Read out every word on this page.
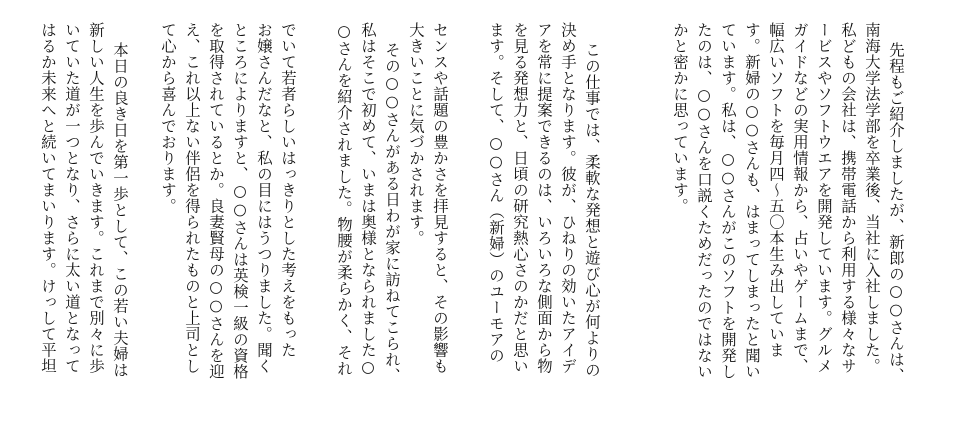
先程もご紹介しましたが、新郎の○○さんは、
南海大学法学部を卒業後、当社に入社しました。
私どもの会社は、携帯電話から利用する様々なサ
ービスやソフトウエアを開発しています。グルメ
ガイドなどの実用情報から、占いやゲームまで、
幅広いソフトを毎月四〜五〇本生み出していま
す。新婦の○○さんも、はまってしまったと聞い
ています。私は、○○さんがこのソフトを開発し
たのは、○○さんを口説くためだったのではない
かと密かに思っています。
この仕事では、柔軟な発想と遊び心が何よりの
決め手となります。彼が、ひねりの効いたアイデ
アを常に提案できるのは、いろいろな側面から物
を見る発想力と、日頃の研究熱心さのかだと思い
ます。そして、○○さん（新婦）のユーモアの
センスや話題の豊かさを拝見すると、その影響も
大きいことに気づかされます。
その○○さんがある日わが家に訪ねてこられ、
私はそこで初めて、いまは奥様となられました○
○さんを紹介されました。物腰が柔らかく、それ
でいて若者らしいはっきりとした考えをもった
お嬢さんだなと、私の目にはうつりました。聞く
ところによりますと、○○さんは英検一級の資格
を取得されているとか。良妻賢母の○○さんを迎
え、これ以上ない伴侶を得られたものと上司とし
て心から喜んでおります。
本日の良き日を第一歩として、この若い夫婦は
新しい人生を歩んでいきます。これまで別々に歩
いていた道が一つとなり、さらに太い道となって
はるか未来へと続いてまいります。けっして平坦
